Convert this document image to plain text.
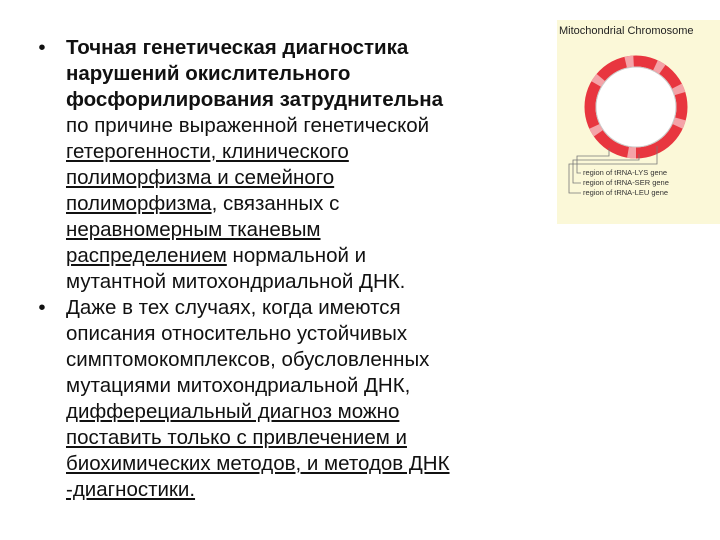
• Точная генетическая диагностика
нарушений окислительного
фосфорилирования затруднительна
по причине выраженной генетической
гетерогенности, клинического
полиморфизма и семейного
полиморфизма, связанных с
неравномерным тканевым
распределением нормальной и
мутантной митохондриальной ДНК.
• Даже в тех случаях, когда имеются
описания относительно устойчивых
симптомокомплексов, обусловленных
мутациями митохондриальной ДНК,
дифферециальный диагноз можно
поставить только с привлечением и
биохимических методов, и методов ДНК
-диагностики.
Mitochondrial Chromosome
region of tRNA-LYS gene
region of tRNA-SER gene
region of tRNA-LEU gene
